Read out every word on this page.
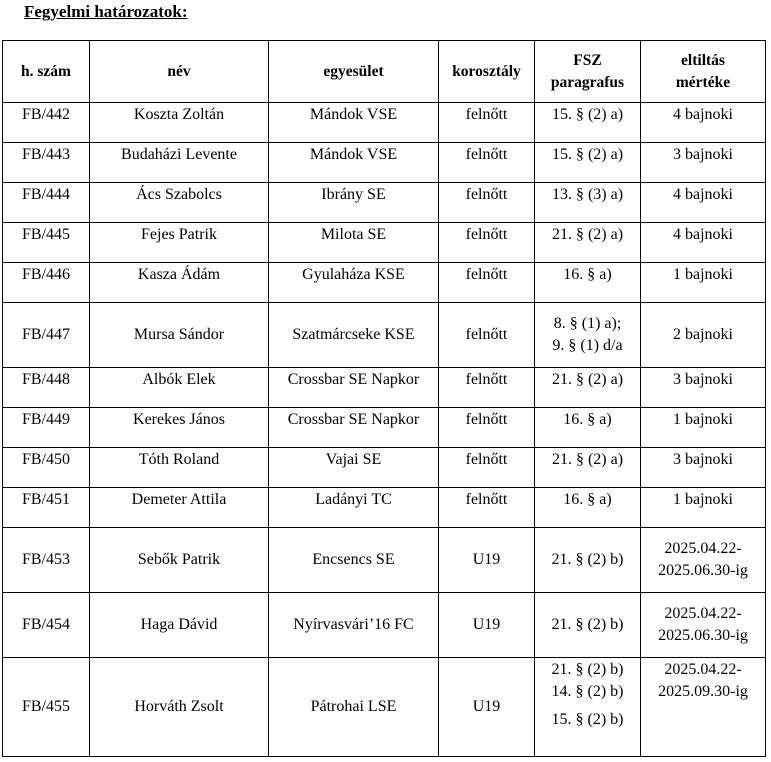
Fegyelmi határozatok:
h. szám	név	egyesület	korosztály	FSZ
paragrafus	eltiltás
mértéke

FB/442	Koszta Zoltán	Mándok VSE	felnőtt	15. § (2) a)	4 bajnoki
FB/443	Budaházi Levente	Mándok VSE	felnőtt	15. § (2) a)	3 bajnoki
FB/444	Ács Szabolcs	Ibrány SE	felnőtt	13. § (3) a)	4 bajnoki
FB/445	Fejes Patrik	Milota SE	felnőtt	21. § (2) a)	4 bajnoki
FB/446	Kasza Ádám	Gyulaháza KSE	felnőtt	16. § a)	1 bajnoki
FB/447	Mursa Sándor	Szatmárcseke KSE	felnőtt	8. § (1) a);
9. § (1) d/a	2 bajnoki
FB/448	Albók Elek	Crossbar SE Napkor	felnőtt	21. § (2) a)	3 bajnoki
FB/449	Kerekes János	Crossbar SE Napkor	felnőtt	16. § a)	1 bajnoki
FB/450	Tóth Roland	Vajai SE	felnőtt	21. § (2) a)	3 bajnoki
FB/451	Demeter Attila	Ladányi TC	felnőtt	16. § a)	1 bajnoki
FB/453	Sebők Patrik	Encsencs SE	U19	21. § (2) b)	2025.04.22-
2025.06.30-ig

FB/454	Haga Dávid	Nyírvasvári’16 FC	U19	21. § (2) b)	2025.04.22-
2025.06.30-ig

FB/455	Horváth Zsolt	Pátrohai LSE	U19	21. § (2) b)
14. § (2) b)
15. § (2) b)	2025.04.22-
2025.09.30-ig
